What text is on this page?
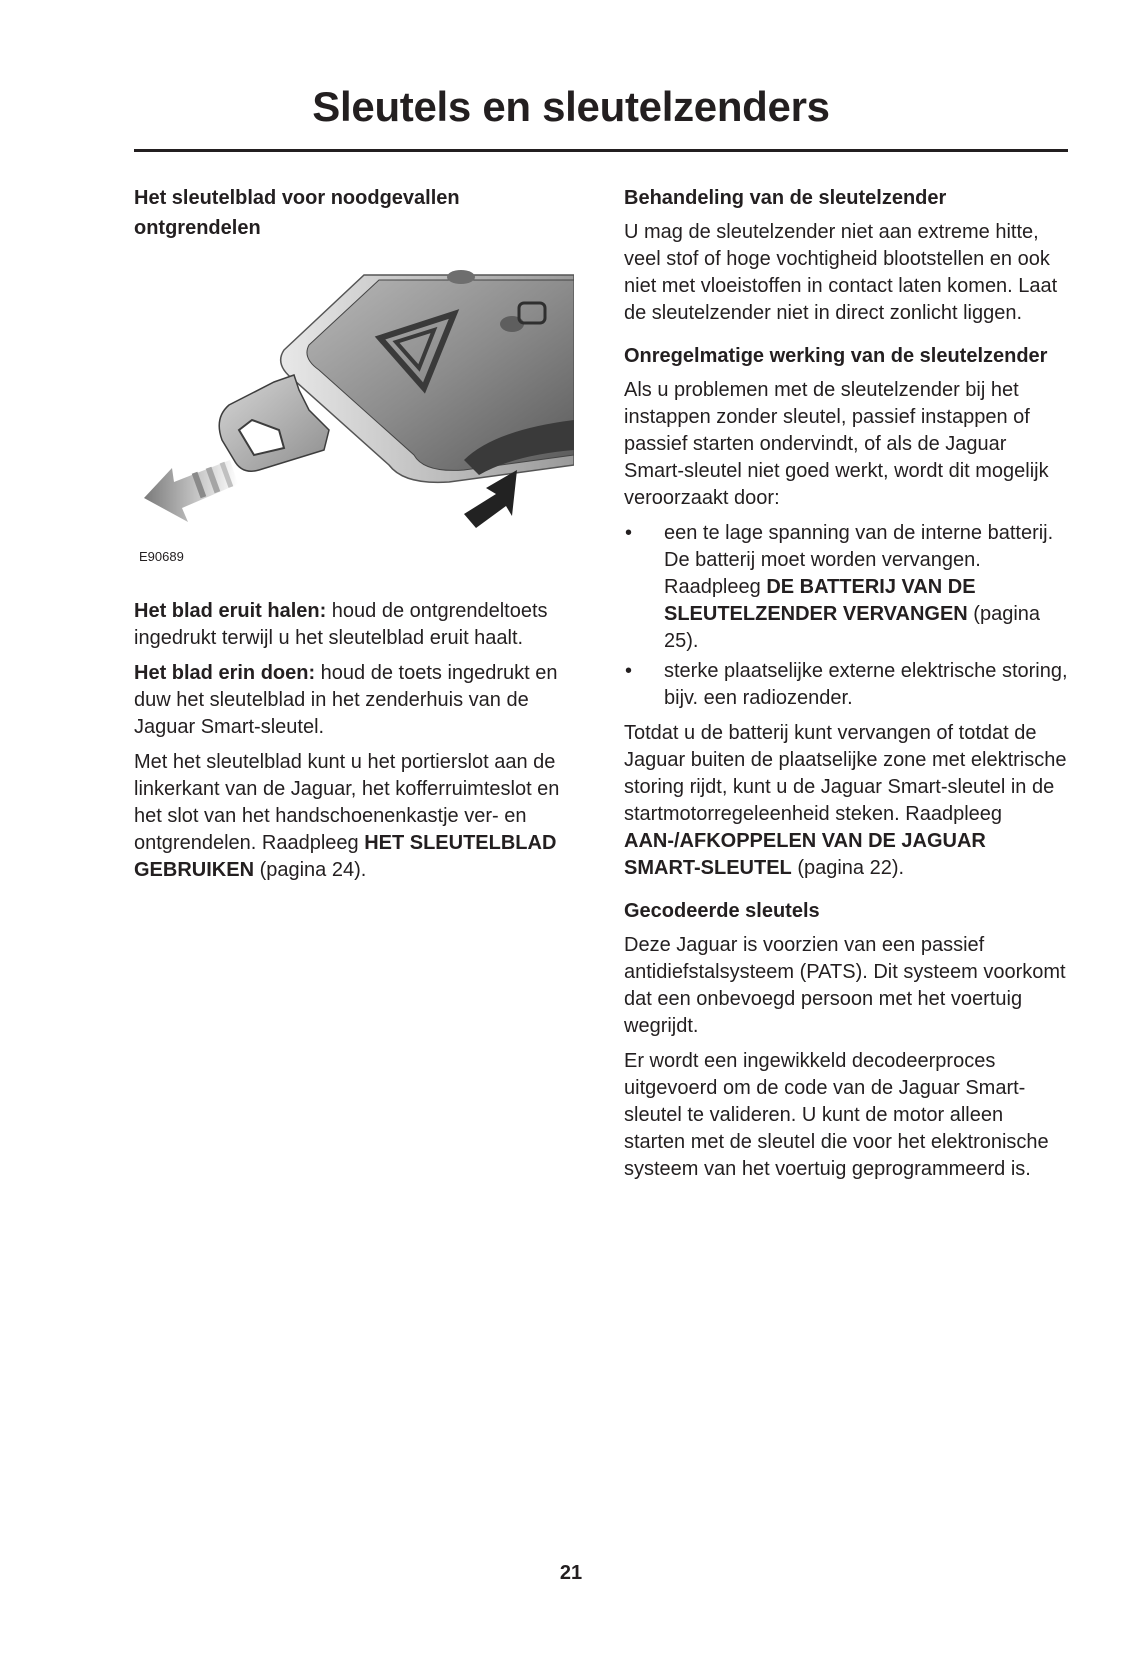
Sleutels en sleutelzenders
Het sleutelblad voor noodgevallen ontgrendelen
E90689

Het blad eruit halen: houd de ontgrendeltoets ingedrukt terwijl u het sleutelblad eruit haalt.

Het blad erin doen: houd de toets ingedrukt en duw het sleutelblad in het zenderhuis van de Jaguar Smart-sleutel.

Met het sleutelblad kunt u het portierslot aan de linkerkant van de Jaguar, het kofferruimteslot en het slot van het handschoenenkastje ver- en ontgrendelen. Raadpleeg HET SLEUTELBLAD GEBRUIKEN (pagina 24).

Behandeling van de sleutelzender

U mag de sleutelzender niet aan extreme hitte, veel stof of hoge vochtigheid blootstellen en ook niet met vloeistoffen in contact laten komen. Laat de sleutelzender niet in direct zonlicht liggen.

Onregelmatige werking van de sleutelzender

Als u problemen met de sleutelzender bij het instappen zonder sleutel, passief instappen of passief starten ondervindt, of als de Jaguar Smart-sleutel niet goed werkt, wordt dit mogelijk veroorzaakt door:

• een te lage spanning van de interne batterij. De batterij moet worden vervangen. Raadpleeg DE BATTERIJ VAN DE SLEUTELZENDER VERVANGEN (pagina 25).
• sterke plaatselijke externe elektrische storing, bijv. een radiozender.

Totdat u de batterij kunt vervangen of totdat de Jaguar buiten de plaatselijke zone met elektrische storing rijdt, kunt u de Jaguar Smart-sleutel in de startmotorregeleenheid steken. Raadpleeg AAN-/AFKOPPELEN VAN DE JAGUAR SMART-SLEUTEL (pagina 22).

Gecodeerde sleutels

Deze Jaguar is voorzien van een passief antidiefstalsysteem (PATS). Dit systeem voorkomt dat een onbevoegd persoon met het voertuig wegrijdt.

Er wordt een ingewikkeld decodeerproces uitgevoerd om de code van de Jaguar Smart-sleutel te valideren. U kunt de motor alleen starten met de sleutel die voor het elektronische systeem van het voertuig geprogrammeerd is.

21
